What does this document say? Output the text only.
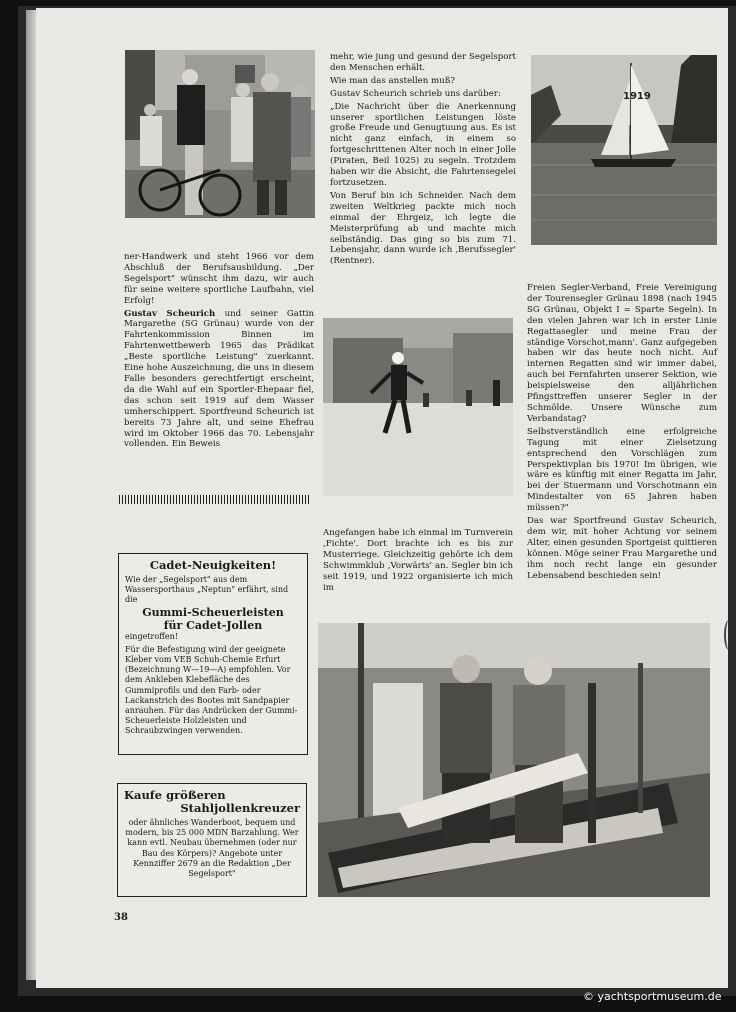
1919

ner-Handwerk und steht 1966 vor dem Abschluß der Berufsausbildung. „Der Segelsport" wünscht ihm dazu, wir auch für seine weitere sportliche Laufbahn, viel Erfolg!

Gustav Scheurich und seiner Gattin Margarethe (SG Grünau) wurde von der Fahrtenkommission Binnen im Fahrtenwettbewerb 1965 das Prädikat „Beste sportliche Leistung" zuerkannt. Eine hohe Auszeichnung, die uns in diesem Falle besonders gerechtfertigt erscheint, da die Wahl auf ein Sportler-Ehepaar fiel, das schon seit 1919 auf dem Wasser umherschippert. Sportfreund Scheurich ist bereits 73 Jahre alt, und seine Ehefrau wird im Oktober 1966 das 70. Lebensjahr vollenden. Ein Beweis

mehr, wie jung und gesund der Segelsport den Menschen erhält.

Wie man das anstellen muß?

Gustav Scheurich schrieb uns darüber:

„Die Nachricht über die Anerkennung unserer sportlichen Leistungen löste große Freude und Genugtuung aus. Es ist nicht ganz einfach, in einem so fortgeschrittenen Alter noch in einer Jolle (Piraten, Beil 1025) zu segeln. Trotzdem haben wir die Absicht, die Fahrtensegelei fortzusetzen.

Von Beruf bin ich Schneider. Nach dem zweiten Weltkrieg packte mich noch einmal der Ehrgeiz, ich legte die Meisterprüfung ab und machte mich selbständig. Das ging so bis zum 71. Lebensjahr, dann wurde ich ‚Berufssegler' (Rentner).

Angefangen habe ich einmal im Turnverein ‚Fichte'. Dort brachte ich es bis zur Musterriege. Gleichzeitig gehörte ich dem Schwimmklub ‚Vorwärts' an. Segler bin ich seit 1919, und 1922 organisierte ich mich im

Freien Segler-Verband, Freie Vereinigung der Tourensegler Grünau 1898 (nach 1945 SG Grünau, Objekt I = Sparte Segeln). In den vielen Jahren war ich in erster Linie Regattasegler und meine Frau der ständige Vorschot‚mann'. Ganz aufgegeben haben wir das heute noch nicht. Auf internen Regatten sind wir immer dabei, auch bei Fernfahrten unserer Sektion, wie beispielsweise den alljährlichen Pfingsttreffen unserer Segler in der Schmölde. Unsere Wünsche zum Verbandstag?

Selbstverständlich eine erfolgreiche Tagung mit einer Zielsetzung entsprechend den Vorschlägen zum Perspektivplan bis 1970! Im übrigen, wie wäre es künftig mit einer Regatta im Jahr, bei der Stuermann und Vorschotmann ein Mindestalter von 65 Jahren haben müssen?"

Das war Sportfreund Gustav Scheurich, dem wir, mit hoher Achtung vor seinem Alter, einen gesunden Sportgeist quittieren können. Möge seiner Frau Margarethe und ihm noch recht lange ein gesunder Lebensabend beschieden sein!

Cadet-Neuigkeiten!

Wie der „Segelsport" aus dem Wassersporthaus „Neptun" erfährt, sind die

Gummi-Scheuerleisten

für Cadet-Jollen

eingetroffen!

Für die Befestigung wird der geeignete Kleber vom VEB Schuh-Chemie Erfurt (Bezeichnung W—19—A) empfohlen. Vor dem Ankleben Klebefläche des Gummiprofils und den Farb- oder Lackanstrich des Bootes mit Sandpapier anrauhen. Für das Andrücken der Gummi-Scheuerleiste Holzleisten und Schraubzwingen verwenden.

Kaufe größeren
Stahljollenkreuzer

oder ähnliches Wanderboot, bequem und modern, bis 25 000 MDN Barzahlung. Wer kann evtl. Neubau übernehmen (oder nur Bau des Körpers)? Angebote unter Kennziffer 2679 an die Redaktion „Der Segelsport"

38
© yachtsportmuseum.de
